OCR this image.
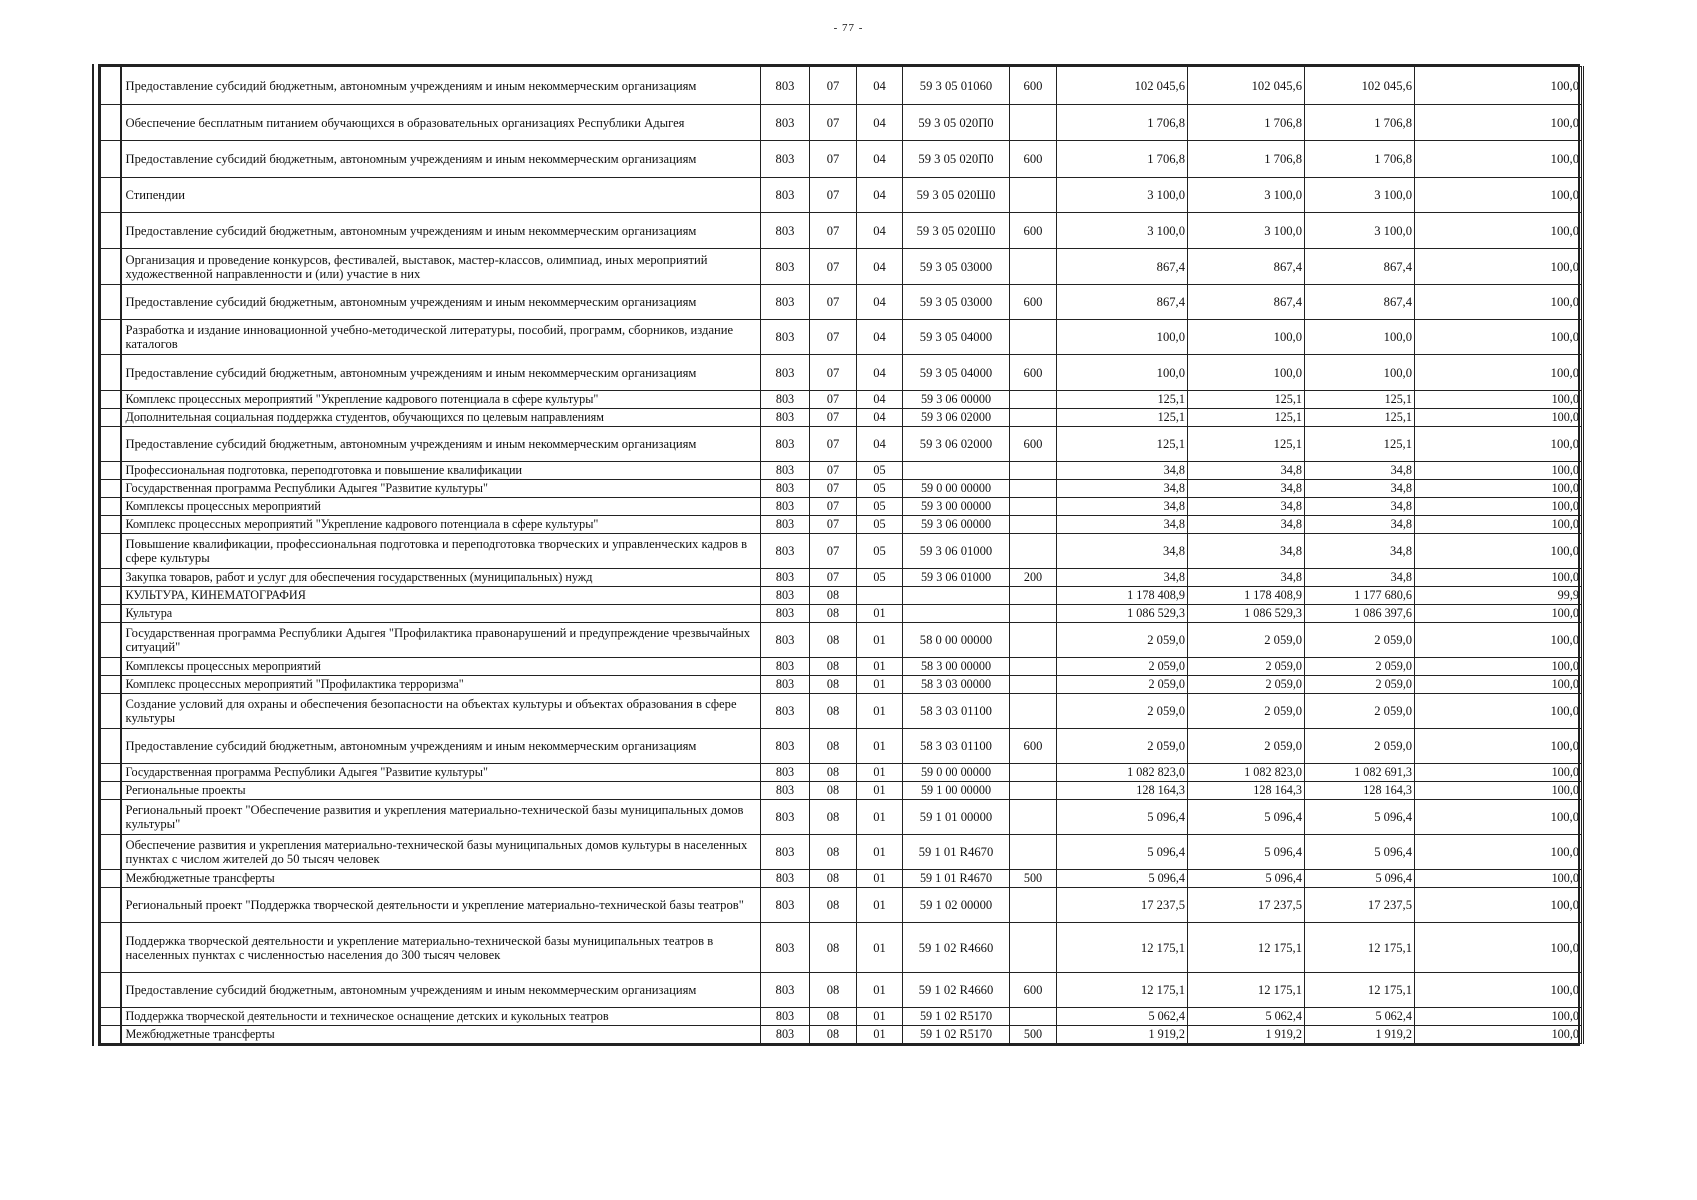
- 77 -
	Предоставление субсидий бюджетным, автономным учреждениям и иным некоммерческим организациям	803	07	04	59 3 05 01060	600	102 045,6	102 045,6	102 045,6	100,0
	Обеспечение бесплатным питанием обучающихся в образовательных организациях Республики Адыгея	803	07	04	59 3 05 020П0		1 706,8	1 706,8	1 706,8	100,0
	Предоставление субсидий бюджетным, автономным учреждениям и иным некоммерческим организациям	803	07	04	59 3 05 020П0	600	1 706,8	1 706,8	1 706,8	100,0
	Стипендии	803	07	04	59 3 05 020Ш0		3 100,0	3 100,0	3 100,0	100,0
	Предоставление субсидий бюджетным, автономным учреждениям и иным некоммерческим организациям	803	07	04	59 3 05 020Ш0	600	3 100,0	3 100,0	3 100,0	100,0
	Организация и проведение конкурсов, фестивалей, выставок, мастер-классов, олимпиад, иных мероприятий художественной направленности и (или) участие в них	803	07	04	59 3 05 03000		867,4	867,4	867,4	100,0
	Предоставление субсидий бюджетным, автономным учреждениям и иным некоммерческим организациям	803	07	04	59 3 05 03000	600	867,4	867,4	867,4	100,0
	Разработка и издание инновационной учебно-методической литературы, пособий, программ, сборников, издание каталогов	803	07	04	59 3 05 04000		100,0	100,0	100,0	100,0
	Предоставление субсидий бюджетным, автономным учреждениям и иным некоммерческим организациям	803	07	04	59 3 05 04000	600	100,0	100,0	100,0	100,0
	Комплекс процессных мероприятий "Укрепление кадрового потенциала в сфере культуры"	803	07	04	59 3 06 00000		125,1	125,1	125,1	100,0
	Дополнительная социальная поддержка студентов, обучающихся по целевым направлениям	803	07	04	59 3 06 02000		125,1	125,1	125,1	100,0
	Предоставление субсидий бюджетным, автономным учреждениям и иным некоммерческим организациям	803	07	04	59 3 06 02000	600	125,1	125,1	125,1	100,0
	Профессиональная подготовка, переподготовка и повышение квалификации	803	07	05			34,8	34,8	34,8	100,0
	Государственная программа Республики Адыгея "Развитие культуры"	803	07	05	59 0 00 00000		34,8	34,8	34,8	100,0
	Комплексы процессных мероприятий	803	07	05	59 3 00 00000		34,8	34,8	34,8	100,0
	Комплекс процессных мероприятий "Укрепление кадрового потенциала в сфере культуры"	803	07	05	59 3 06 00000		34,8	34,8	34,8	100,0
	Повышение квалификации, профессиональная подготовка и переподготовка творческих и управленческих кадров в сфере культуры	803	07	05	59 3 06 01000		34,8	34,8	34,8	100,0
	Закупка товаров, работ и услуг для обеспечения государственных (муниципальных) нужд	803	07	05	59 3 06 01000	200	34,8	34,8	34,8	100,0
	КУЛЬТУРА, КИНЕМАТОГРАФИЯ	803	08				1 178 408,9	1 178 408,9	1 177 680,6	99,9
	Культура	803	08	01			1 086 529,3	1 086 529,3	1 086 397,6	100,0
	Государственная программа Республики Адыгея "Профилактика правонарушений и предупреждение чрезвычайных ситуаций"	803	08	01	58 0 00 00000		2 059,0	2 059,0	2 059,0	100,0
	Комплексы процессных мероприятий	803	08	01	58 3 00 00000		2 059,0	2 059,0	2 059,0	100,0
	Комплекс процессных мероприятий "Профилактика терроризма"	803	08	01	58 3 03 00000		2 059,0	2 059,0	2 059,0	100,0
	Создание условий для охраны и обеспечения безопасности на объектах культуры и объектах образования в сфере культуры	803	08	01	58 3 03 01100		2 059,0	2 059,0	2 059,0	100,0
	Предоставление субсидий бюджетным, автономным учреждениям и иным некоммерческим организациям	803	08	01	58 3 03 01100	600	2 059,0	2 059,0	2 059,0	100,0
	Государственная программа Республики Адыгея "Развитие культуры"	803	08	01	59 0 00 00000		1 082 823,0	1 082 823,0	1 082 691,3	100,0
	Региональные проекты	803	08	01	59 1 00 00000		128 164,3	128 164,3	128 164,3	100,0
	Региональный проект "Обеспечение развития и укрепления материально-технической базы муниципальных домов культуры"	803	08	01	59 1 01 00000		5 096,4	5 096,4	5 096,4	100,0
	Обеспечение развития и укрепления материально-технической базы муниципальных домов культуры в населенных пунктах с числом жителей до 50 тысяч человек	803	08	01	59 1 01 R4670		5 096,4	5 096,4	5 096,4	100,0
	Межбюджетные трансферты	803	08	01	59 1 01 R4670	500	5 096,4	5 096,4	5 096,4	100,0
	Региональный проект "Поддержка творческой деятельности и укрепление материально-технической базы театров"	803	08	01	59 1 02 00000		17 237,5	17 237,5	17 237,5	100,0
	Поддержка творческой деятельности и укрепление материально-технической базы муниципальных театров в населенных пунктах с численностью населения до 300 тысяч человек	803	08	01	59 1 02 R4660		12 175,1	12 175,1	12 175,1	100,0
	Предоставление субсидий бюджетным, автономным учреждениям и иным некоммерческим организациям	803	08	01	59 1 02 R4660	600	12 175,1	12 175,1	12 175,1	100,0
	Поддержка творческой деятельности и техническое оснащение детских и кукольных театров	803	08	01	59 1 02 R5170		5 062,4	5 062,4	5 062,4	100,0
	Межбюджетные трансферты	803	08	01	59 1 02 R5170	500	1 919,2	1 919,2	1 919,2	100,0
